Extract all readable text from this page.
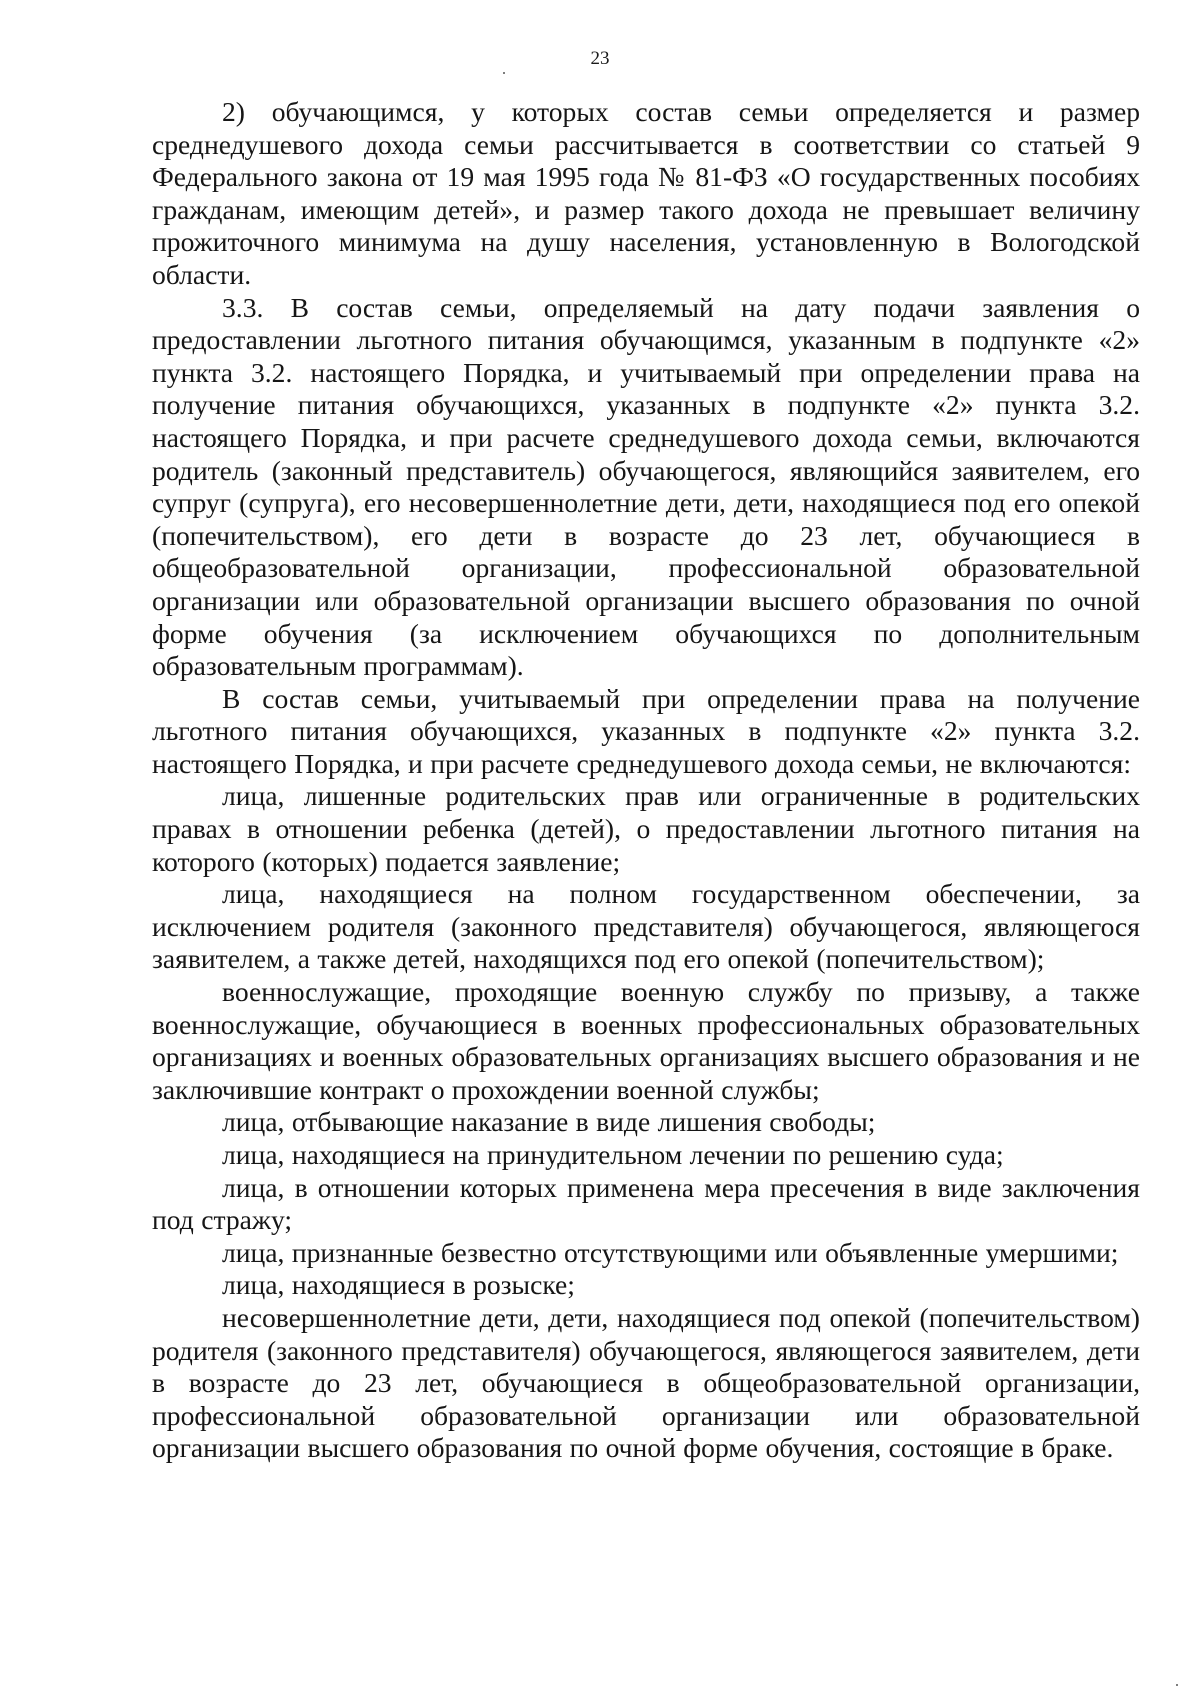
23

2) обучающимся, у которых состав семьи определяется и размер среднедушевого дохода семьи рассчитывается в соответствии со статьей 9 Федерального закона от 19 мая 1995 года № 81-ФЗ «О государственных пособиях гражданам, имеющим детей», и размер такого дохода не превышает величину прожиточного минимума на душу населения, установленную в Вологодской области.

3.3. В состав семьи, определяемый на дату подачи заявления о предоставлении льготного питания обучающимся, указанным в подпункте «2» пункта 3.2. настоящего Порядка, и учитываемый при определении права на получение питания обучающихся, указанных в подпункте «2» пункта 3.2. настоящего Порядка, и при расчете среднедушевого дохода семьи, включаются родитель (законный представитель) обучающегося, являющийся заявителем, его супруг (супруга), его несовершеннолетние дети, дети, находящиеся под его опекой (попечительством), его дети в возрасте до 23 лет, обучающиеся в общеобразовательной организации, профессиональной образовательной организации или образовательной организации высшего образования по очной форме обучения (за исключением обучающихся по дополнительным образовательным программам).

В состав семьи, учитываемый при определении права на получение льготного питания обучающихся, указанных в подпункте «2» пункта 3.2. настоящего Порядка, и при расчете среднедушевого дохода семьи, не включаются:

лица, лишенные родительских прав или ограниченные в родительских правах в отношении ребенка (детей), о предоставлении льготного питания на которого (которых) подается заявление;

лица, находящиеся на полном государственном обеспечении, за исключением родителя (законного представителя) обучающегося, являющегося заявителем, а также детей, находящихся под его опекой (попечительством);

военнослужащие, проходящие военную службу по призыву, а также военнослужащие, обучающиеся в военных профессиональных образовательных организациях и военных образовательных организациях высшего образования и не заключившие контракт о прохождении военной службы;

лица, отбывающие наказание в виде лишения свободы;

лица, находящиеся на принудительном лечении по решению суда;

лица, в отношении которых применена мера пресечения в виде заключения под стражу;

лица, признанные безвестно отсутствующими или объявленные умершими;

лица, находящиеся в розыске;

несовершеннолетние дети, дети, находящиеся под опекой (попечительством) родителя (законного представителя) обучающегося, являющегося заявителем, дети в возрасте до 23 лет, обучающиеся в общеобразовательной организации, профессиональной образовательной организации или образовательной организации высшего образования по очной форме обучения, состоящие в браке.
